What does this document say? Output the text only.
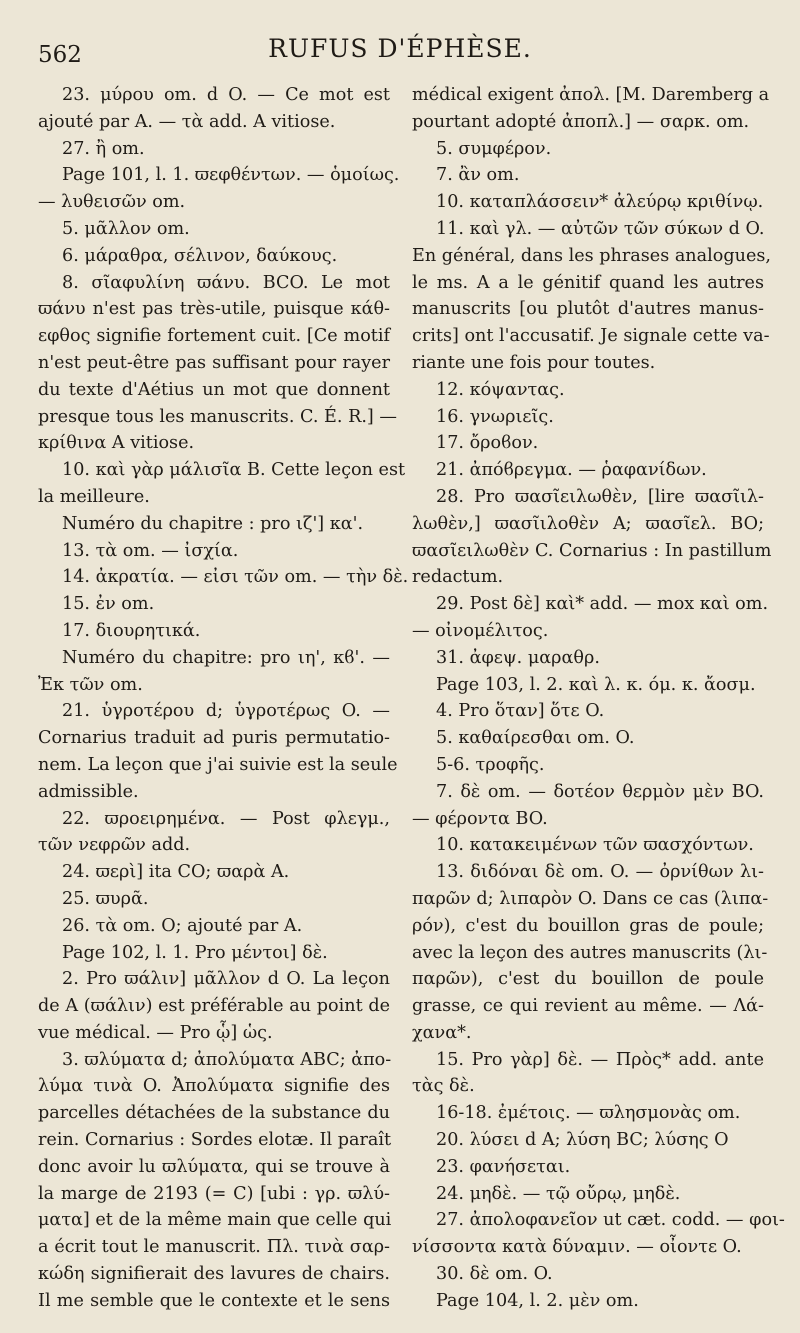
562	RUFUS D'ÉPHÈSE.
23. μύρου om. d O. — Ce mot est
ajouté par A. — τὰ add. A vitiose.
27. ἢ om.
Page 101, l. 1. ϖεφθέντων. — ὁμοίως.
— λυθεισῶν om.
5. μᾶλλον om.
6. μάραθρα, σέλινον, δαύκους.
8. σῖαφυλίνη ϖάνυ. BCO. Le mot
ϖάνυ n'est pas très-utile, puisque κάθ-
εφθος signifie fortement cuit. [Ce motif
n'est peut-être pas suffisant pour rayer
du texte d'Aétius un mot que donnent
presque tous les manuscrits. C. É. R.] —
κρίθινα A vitiose.
10. καὶ γὰρ μάλισῖα B. Cette leçon est
la meilleure.
Numéro du chapitre : pro ιζ'] κα'.
13. τὰ om. — ἰσχία.
14. ἀκρατία. — εἰσι τῶν om. — τὴν δὲ.
15. ἐν om.
17. διουρητικά.
Numéro du chapitre: pro ιη', κϐ'. —
Ἐκ τῶν om.
21. ὑγροτέρου d; ὑγροτέρως O. —
Cornarius traduit ad puris permutatio-
nem. La leçon que j'ai suivie est la seule
admissible.
22. ϖροειρημένα. — Post φλεγμ.,
τῶν νεφρῶν add.
24. ϖερὶ] ita CO; ϖαρὰ A.
25. ϖυρᾶ.
26. τὰ om. O; ajouté par A.
Page 102, l. 1. Pro μέντοι] δὲ.
2. Pro ϖάλιν] μᾶλλον d O. La leçon
de A (ϖάλιν) est préférable au point de
vue médical. — Pro ᾧ] ὡς.
3. ϖλύματα d; ἀπολύματα ABC; ἀπο-
λύμα τινὰ O. Ἀπολύματα signifie des
parcelles détachées de la substance du
rein. Cornarius : Sordes elotæ. Il paraît
donc avoir lu ϖλύματα, qui se trouve à
la marge de 2193 (= C) [ubi : γρ. ϖλύ-
ματα] et de la même main que celle qui
a écrit tout le manuscrit. Πλ. τινὰ σαρ-
κώδη signifierait des lavures de chairs.
Il me semble que le contexte et le sens
médical exigent ἀπολ. [M. Daremberg a
pourtant adopté ἀποπλ.] — σαρκ. om.
5. συμφέρον.
7. ἂν om.
10. καταπλάσσειν* ἀλεύρῳ κριθίνῳ.
11. καὶ γλ. — αὐτῶν τῶν σύκων d O.
En général, dans les phrases analogues,
le ms. A a le génitif quand les autres
manuscrits [ou plutôt d'autres manus-
crits] ont l'accusatif. Je signale cette va-
riante une fois pour toutes.
12. κόψαντας.
16. γνωριεῖς.
17. ὄροϐον.
21. ἀπόϐρεγμα. — ῥαφανίδων.
28. Pro ϖασῖειλωθὲν, [lire ϖασῖιλ-
λωθὲν,] ϖασῖιλοθὲν A; ϖασῖελ. BO;
ϖασῖειλωθὲν C. Cornarius : In pastillum
redactum.
29. Post δὲ] καὶ* add. — mox καὶ om.
— οἰνομέλιτος.
31. ἀφεψ. μαραθρ.
Page 103, l. 2. καὶ λ. κ. όμ. κ. ἄοσμ.
4. Pro ὅταν] ὅτε O.
5. καθαίρεσθαι om. O.
5-6. τροφῆς.
7. δὲ om. — δοτέον θερμὸν μὲν BO.
— φέροντα BO.
10. κατακειμένων τῶν ϖασχόντων.
13. διδόναι δὲ om. O. — ὀρνίθων λι-
παρῶν d; λιπαρὸν O. Dans ce cas (λιπα-
ρόν), c'est du bouillon gras de poule;
avec la leçon des autres manuscrits (λι-
παρῶν), c'est du bouillon de poule
grasse, ce qui revient au même. — Λά-
χανα*.
15. Pro γὰρ] δὲ. — Πρὸς* add. ante
τὰς δὲ.
16-18. ἐμέτοις. — ϖλησμονὰς om.
20. λύσει d A; λύση BC; λύσης O
23. φανήσεται.
24. μηδὲ. — τῷ οὔρῳ, μηδὲ.
27. ἀπολοφανεῖον ut cæt. codd. — φοι-
νίσσοντα κατὰ δύναμιν. — οἶοντε O.
30. δὲ om. O.
Page 104, l. 2. μὲν om.
